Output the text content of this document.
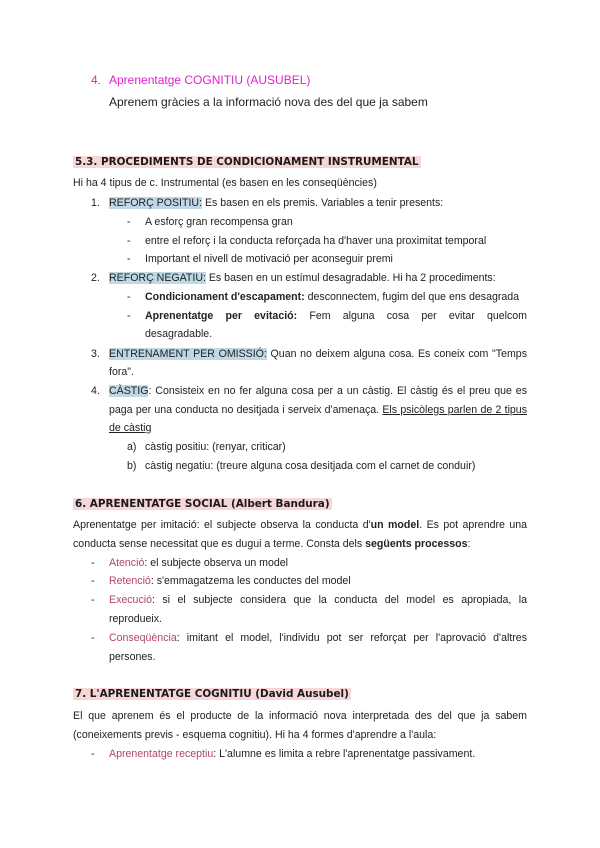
4. Aprenentatge COGNITIU (AUSUBEL)
Aprenem gràcies a la informació nova des del que ja sabem
5.3. PROCEDIMENTS DE CONDICIONAMENT INSTRUMENTAL
Hi ha 4 tipus de c. Instrumental (es basen en les conseqüències)
1. REFORÇ POSITIU: Es basen en els premis. Variables a tenir presents:
- A esforç gran recompensa gran
- entre el reforç i la conducta reforçada ha d'haver una proximitat temporal
- Important el nivell de motivació per aconseguir premi
2. REFORÇ NEGATIU: Es basen en un estímul desagradable. Hi ha 2 procediments:
- Condicionament d'escapament: desconnectem, fugim del que ens desagrada
- Aprenentatge per evitació: Fem alguna cosa per evitar quelcom
desagradable.
3. ENTRENAMENT PER OMISSIÓ: Quan no deixem alguna cosa. Es coneix com "Temps
fora".
4. CÀSTIG: Consisteix en no fer alguna cosa per a un càstig. El càstig és el preu que es
paga per una conducta no desitjada i serveix d'amenaça. Els psicòlegs parlen de 2 tipus
de càstig
a) càstig positiu: (renyar, criticar)
b) càstig negatiu: (treure alguna cosa desitjada com el carnet de conduir)
6. APRENENTATGE SOCIAL (Albert Bandura)
Aprenentatge per imitació: el subjecte observa la conducta d'un model. Es pot aprendre una
conducta sense necessitat que es dugui a terme. Consta dels següents processos:
- Atenció: el subjecte observa un model
- Retenció: s'emmagatzema les conductes del model
- Execució: si el subjecte considera que la conducta del model es apropiada, la
reprodueix.
- Conseqüència: imitant el model, l'individu pot ser reforçat per l'aprovació d'altres
persones.
7. L'APRENENTATGE COGNITIU (David Ausubel)
El que aprenem és el producte de la informació nova interpretada des del que ja sabem
(coneixements previs - esquema cognitiu). Hi ha 4 formes d'aprendre a l'aula:
- Aprenentatge receptiu: L'alumne es limita a rebre l'aprenentatge passivament.
